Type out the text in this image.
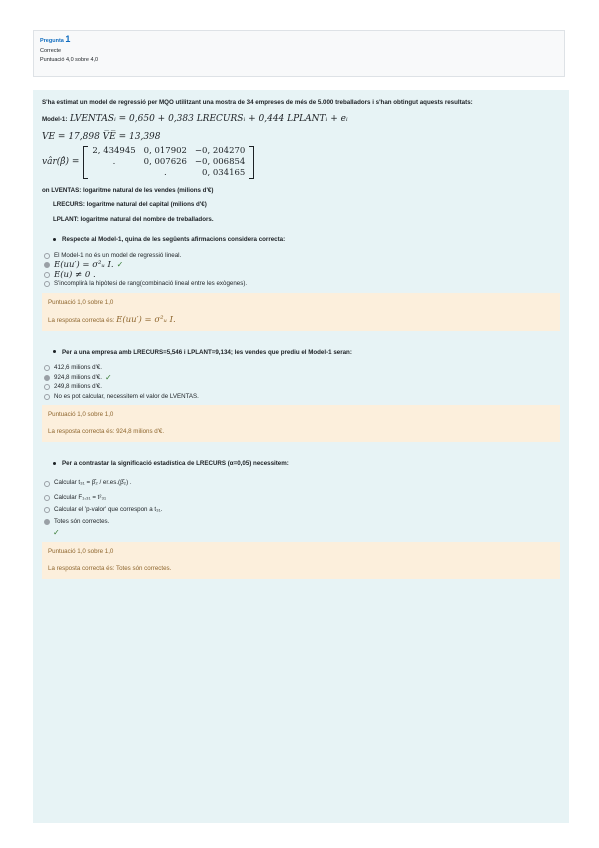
Pregunta 1
Correcte
Puntuació 4,0 sobre 4,0
S'ha estimat un model de regressió per MQO utilitzant una mostra de 34 empreses de més de 5.000 treballadors i s'han obtingut aquests resultats:
Model-1: LVENTASᵢ = 0,650 + 0,383 LRECURSᵢ + 0,444 LPLANTᵢ + eᵢ
VE = 17,898 V̅E̅ = 13,398
vâr(β̂) =
2, 434945	0, 017902	−0, 204270
.	0, 007626	−0, 006854
	.	0, 034165
on LVENTAS: logaritme natural de les vendes (milions d'€)
LRECURS: logaritme natural del capital (milions d'€)
LPLANT: logaritme natural del nombre de treballadors.
Respecte al Model-1, quina de les següents afirmacions considera correcta:
El Model-1 no és un model de regressió lineal.
E(uu′) = σ²ᵤ I. ✓
E(u) ≠ 0 .
S'incomplirà la hipòtesi de rang(combinació lineal entre les exògenes).
Puntuació 1,0 sobre 1,0
La resposta correcta és: E(uu′) = σ²ᵤ I.
Per a una empresa amb LRECURS=5,546 i LPLANT=9,134; les vendes que prediu el Model-1 seran:
412,6 milions d'€.
924,8 milions d'€. ✓
249,8 milions d'€.
No es pot calcular, necessitem el valor de LVENTAS.
Puntuació 1,0 sobre 1,0
La resposta correcta és: 924,8 milions d'€.
Per a contrastar la significació estadística de LRECURS (α=0,05) necessitem:
Calcular t₃₁ = β̂₂ / er.es.(β̂₂) .
Calcular F₁,₃₁ = t²₃₁
Calcular el 'p-valor' que correspon a t₃₁.
Totes són correctes.
✓
Puntuació 1,0 sobre 1,0
La resposta correcta és: Totes són correctes.
